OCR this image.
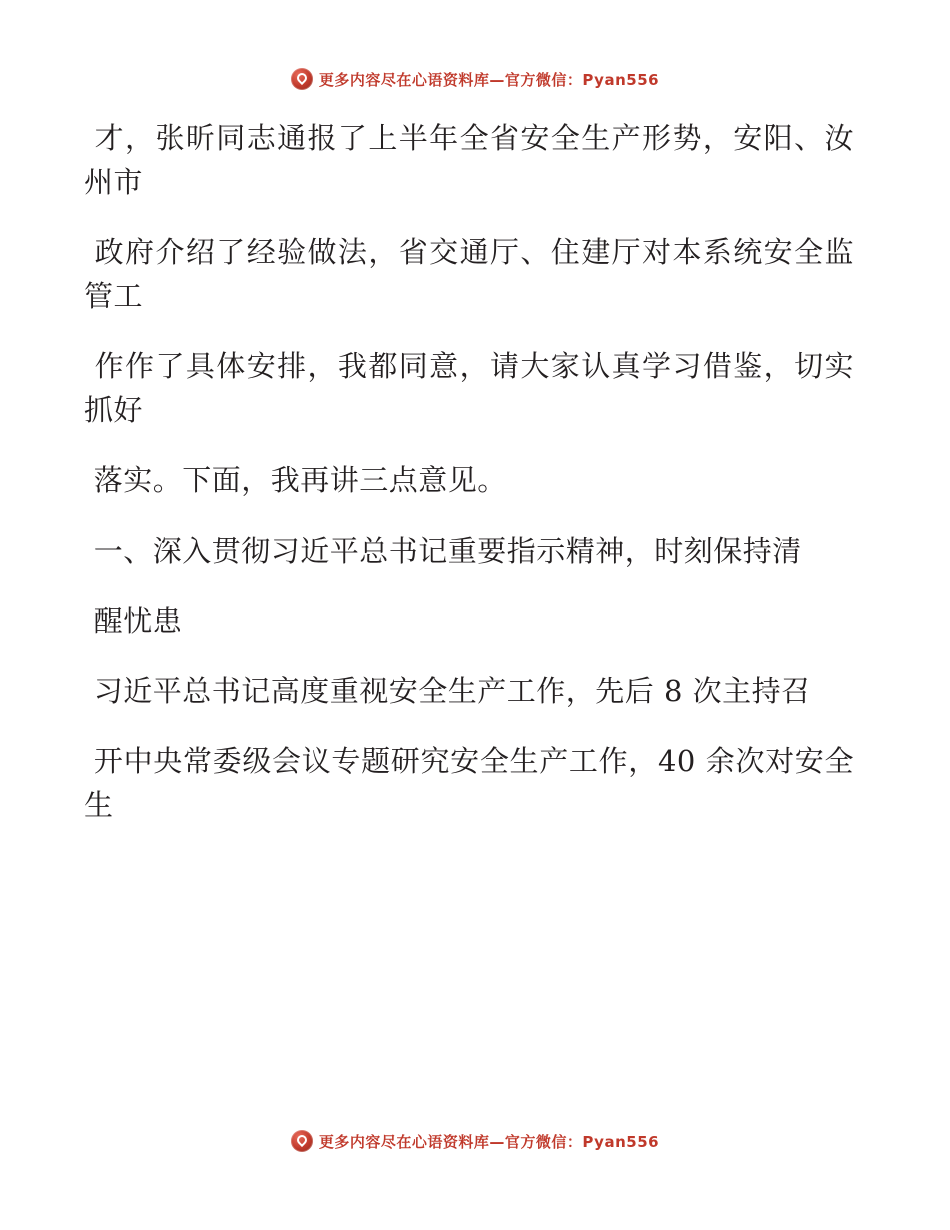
更多内容尽在心语资料库—官方微信：Pyan556

才，张昕同志通报了上半年全省安全生产形势，安阳、汝州市

政府介绍了经验做法，省交通厅、住建厅对本系统安全监管工

作作了具体安排，我都同意，请大家认真学习借鉴，切实抓好

落实。下面，我再讲三点意见。

一、深入贯彻习近平总书记重要指示精神，时刻保持清

醒忧患

习近平总书记高度重视安全生产工作，先后 8 次主持召

开中央常委级会议专题研究安全生产工作，40 余次对安全生

更多内容尽在心语资料库—官方微信：Pyan556
